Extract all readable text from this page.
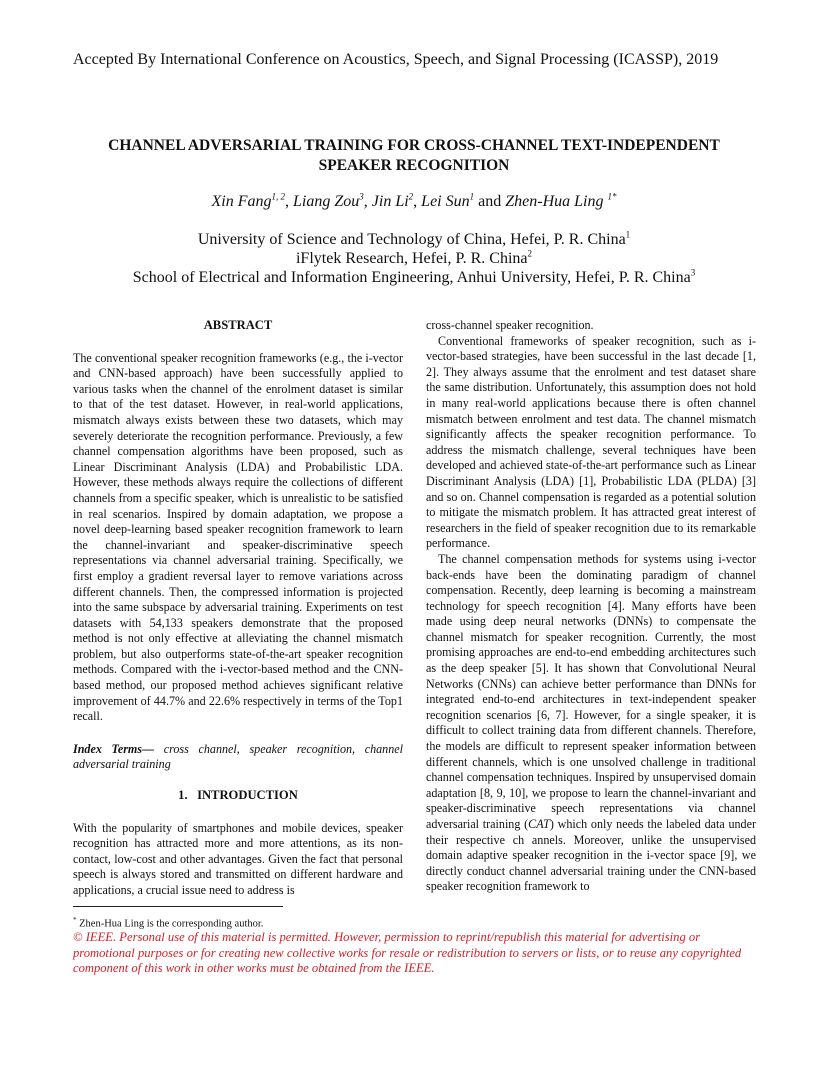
Accepted By International Conference on Acoustics, Speech, and Signal Processing (ICASSP), 2019
CHANNEL ADVERSARIAL TRAINING FOR CROSS-CHANNEL TEXT-INDEPENDENT
SPEAKER RECOGNITION
Xin Fang$^{1, 2}$, Liang Zou$^3$, Jin Li$^2$, Lei Sun$^1$ and Zhen-Hua Ling $^{1*}$
University of Science and Technology of China, Hefei, P. R. China$^1$
iFlytek Research, Hefei, P. R. China$^2$
School of Electrical and Information Engineering, Anhui University, Hefei, P. R. China$^3$

ABSTRACT

The conventional speaker recognition frameworks (e.g., the i-vector and CNN-based approach) have been successfully applied to various tasks when the channel of the enrolment dataset is similar to that of the test dataset. However, in real-world applications, mismatch always exists between these two datasets, which may severely deteriorate the recognition performance. Previously, a few channel compensation algorithms have been proposed, such as Linear Discriminant Analysis (LDA) and Probabilistic LDA. However, these methods always require the collections of different channels from a specific speaker, which is unrealistic to be satisfied in real scenarios. Inspired by domain adaptation, we propose a novel deep-learning based speaker recognition framework to learn the channel-invariant and speaker-discriminative speech representations via channel adversarial training. Specifically, we first employ a gradient reversal layer to remove variations across different channels. Then, the compressed information is projected into the same subspace by adversarial training. Experiments on test datasets with 54,133 speakers demonstrate that the proposed method is not only effective at alleviating the channel mismatch problem, but also outperforms state-of-the-art speaker recognition methods. Compared with the i-vector-based method and the CNN-based method, our proposed method achieves significant relative improvement of 44.7% and 22.6% respectively in terms of the Top1 recall.

Index Terms— cross channel, speaker recognition, channel adversarial training

1.   INTRODUCTION

With the popularity of smartphones and mobile devices, speaker recognition has attracted more and more attentions, as its non-contact, low-cost and other advantages. Given the fact that personal speech is always stored and transmitted on different hardware and applications, a crucial issue need to address is

cross-channel speaker recognition.

Conventional frameworks of speaker recognition, such as i-vector-based strategies, have been successful in the last decade [1, 2]. They always assume that the enrolment and test dataset share the same distribution. Unfortunately, this assumption does not hold in many real-world applications because there is often channel mismatch between enrolment and test data. The channel mismatch significantly affects the speaker recognition performance. To address the mismatch challenge, several techniques have been developed and achieved state-of-the-art performance such as Linear Discriminant Analysis (LDA) [1], Probabilistic LDA (PLDA) [3] and so on. Channel compensation is regarded as a potential solution to mitigate the mismatch problem. It has attracted great interest of researchers in the field of speaker recognition due to its remarkable performance.

The channel compensation methods for systems using i-vector back-ends have been the dominating paradigm of channel compensation. Recently, deep learning is becoming a mainstream technology for speech recognition [4]. Many efforts have been made using deep neural networks (DNNs) to compensate the channel mismatch for speaker recognition. Currently, the most promising approaches are end-to-end embedding architectures such as the deep speaker [5]. It has shown that Convolutional Neural Networks (CNNs) can achieve better performance than DNNs for integrated end-to-end architectures in text-independent speaker recognition scenarios [6, 7]. However, for a single speaker, it is difficult to collect training data from different channels. Therefore, the models are difficult to represent speaker information between different channels, which is one unsolved challenge in traditional channel compensation techniques. Inspired by unsupervised domain adaptation [8, 9, 10], we propose to learn the channel-invariant and speaker-discriminative speech representations via channel adversarial training (CAT) which only needs the labeled data under their respective ch annels. Moreover, unlike the unsupervised domain adaptive speaker recognition in the i-vector space [9], we directly conduct channel adversarial training under the CNN-based speaker recognition framework to

* Zhen-Hua Ling is the corresponding author.
© IEEE. Personal use of this material is permitted. However, permission to reprint/republish this material for advertising or promotional purposes or for creating new collective works for resale or redistribution to servers or lists, or to reuse any copyrighted component of this work in other works must be obtained from the IEEE.
